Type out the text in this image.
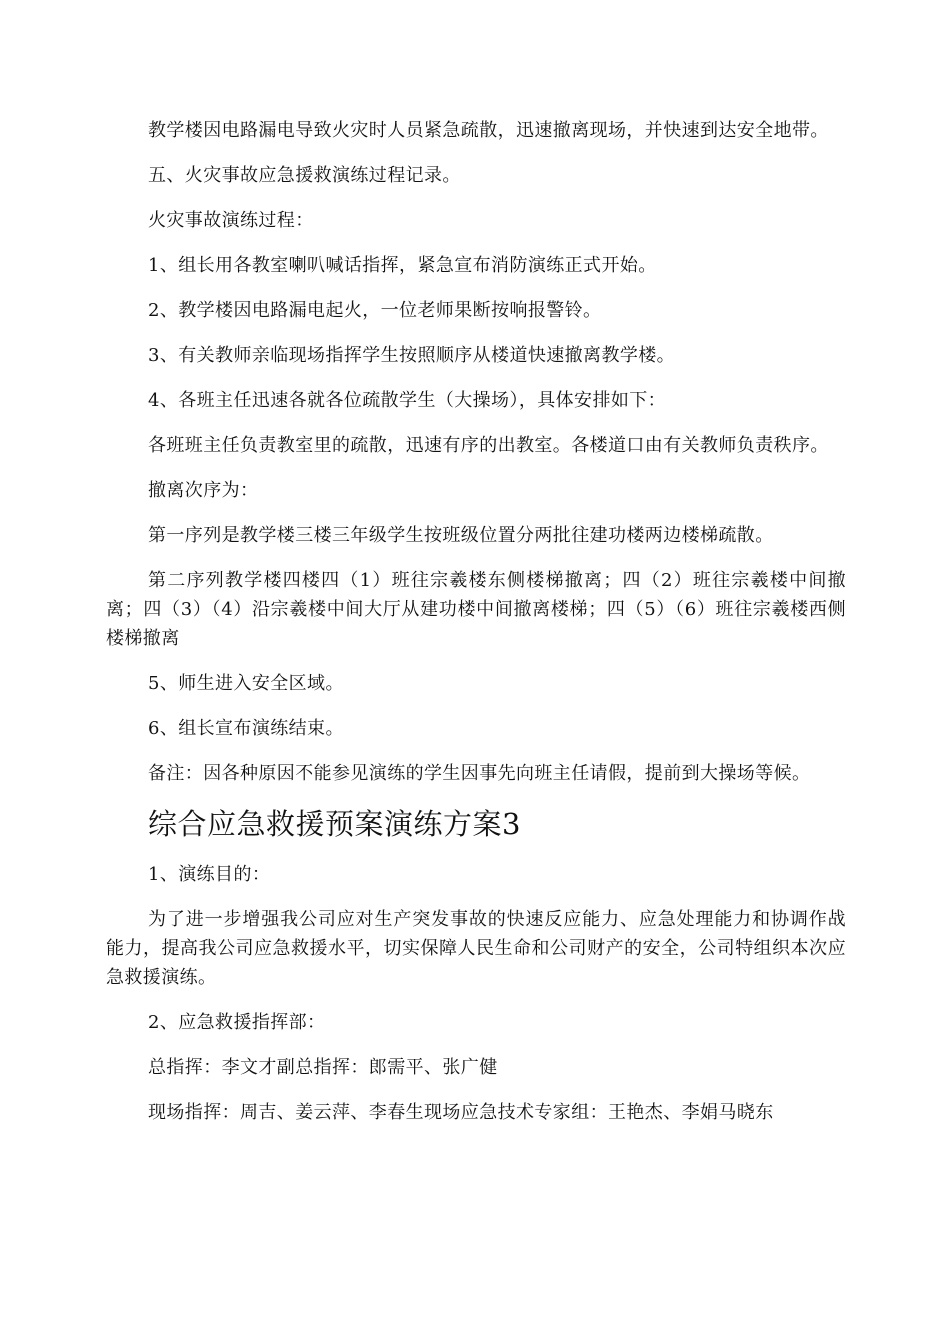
教学楼因电路漏电导致火灾时人员紧急疏散，迅速撤离现场，并快速到达安全地带。

五、火灾事故应急援救演练过程记录。

火灾事故演练过程：

1、组长用各教室喇叭喊话指挥，紧急宣布消防演练正式开始。

2、教学楼因电路漏电起火，一位老师果断按响报警铃。

3、有关教师亲临现场指挥学生按照顺序从楼道快速撤离教学楼。

4、各班主任迅速各就各位疏散学生（大操场），具体安排如下：

各班班主任负责教室里的疏散，迅速有序的出教室。各楼道口由有关教师负责秩序。

撤离次序为：

第一序列是教学楼三楼三年级学生按班级位置分两批往建功楼两边楼梯疏散。

第二序列教学楼四楼四（1）班往宗羲楼东侧楼梯撤离；四（2）班往宗羲楼中间撤离；四（3）（4）沿宗羲楼中间大厅从建功楼中间撤离楼梯；四（5）（6）班往宗羲楼西侧楼梯撤离

5、师生进入安全区域。

6、组长宣布演练结束。

备注：因各种原因不能参见演练的学生因事先向班主任请假，提前到大操场等候。

综合应急救援预案演练方案3

1、演练目的：

为了进一步增强我公司应对生产突发事故的快速反应能力、应急处理能力和协调作战能力，提高我公司应急救援水平，切实保障人民生命和公司财产的安全，公司特组织本次应急救援演练。

2、应急救援指挥部：

总指挥：李文才副总指挥：郎需平、张广健

现场指挥：周吉、姜云萍、李春生现场应急技术专家组：王艳杰、李娟马晓东
